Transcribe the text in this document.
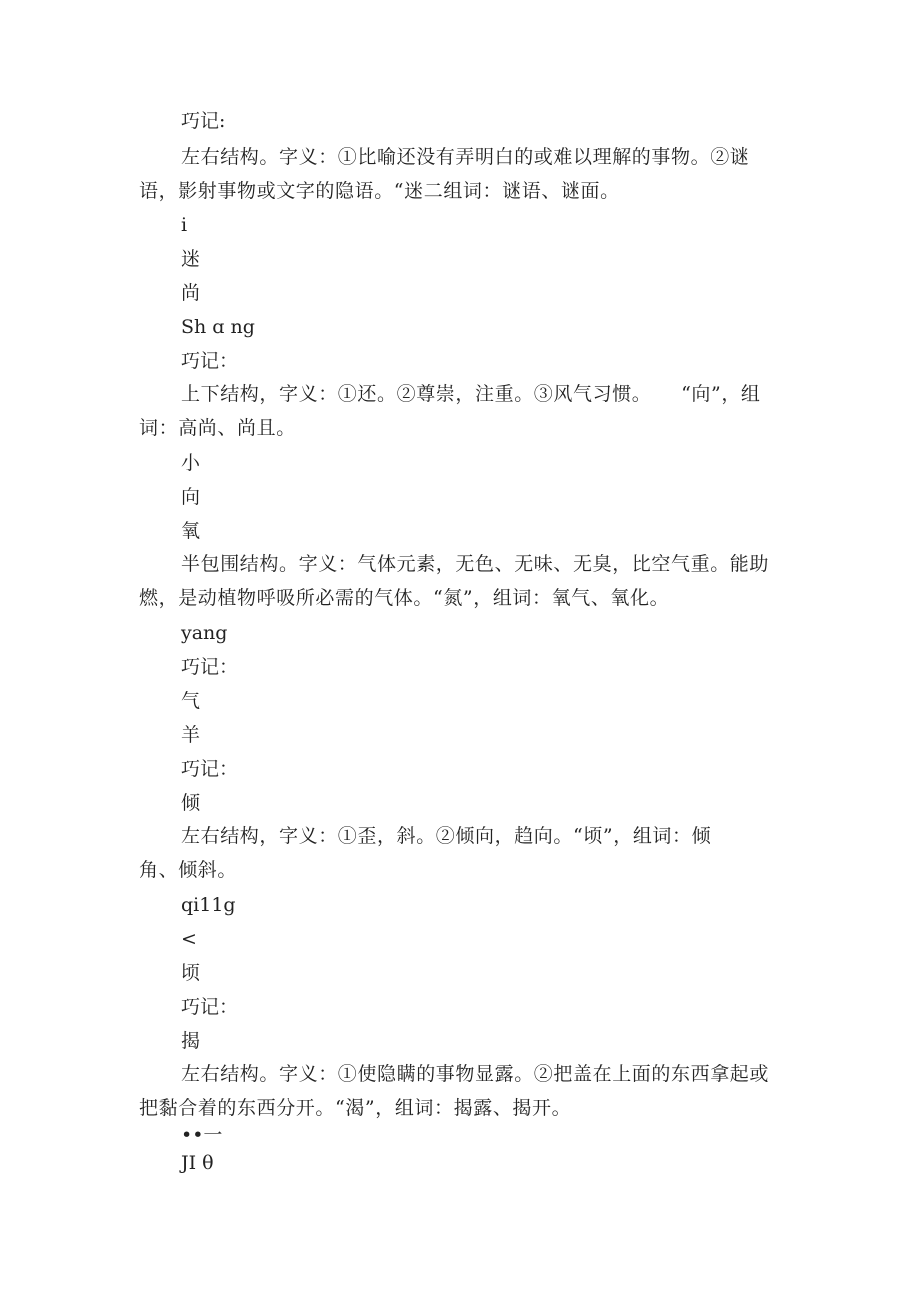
巧记:
左右结构。字义：①比喻还没有弄明白的或难以理解的事物。②谜语，影射事物或文字的隐语。“迷二组词：谜语、谜面。
i
迷
尚
Sh ɑ ng
巧记：
上下结构，字义：①还。②尊崇，注重。③风气习惯。　　“向”，组词：高尚、尚且。
小
向
氧
半包围结构。字义：气体元素，无色、无味、无臭，比空气重。能助燃，是动植物呼吸所必需的气体。“氮”，组词：氧气、氧化。
yang
巧记：
气
羊
巧记：
倾
左右结构，字义：①歪，斜。②倾向，趋向。“顷”，组词：倾角、倾斜。
qi11g
<
顷
巧记：
揭
左右结构。字义：①使隐瞒的事物显露。②把盖在上面的东西拿起或把黏合着的东西分开。“渴”，组词：揭露、揭开。
••一
JI θ
